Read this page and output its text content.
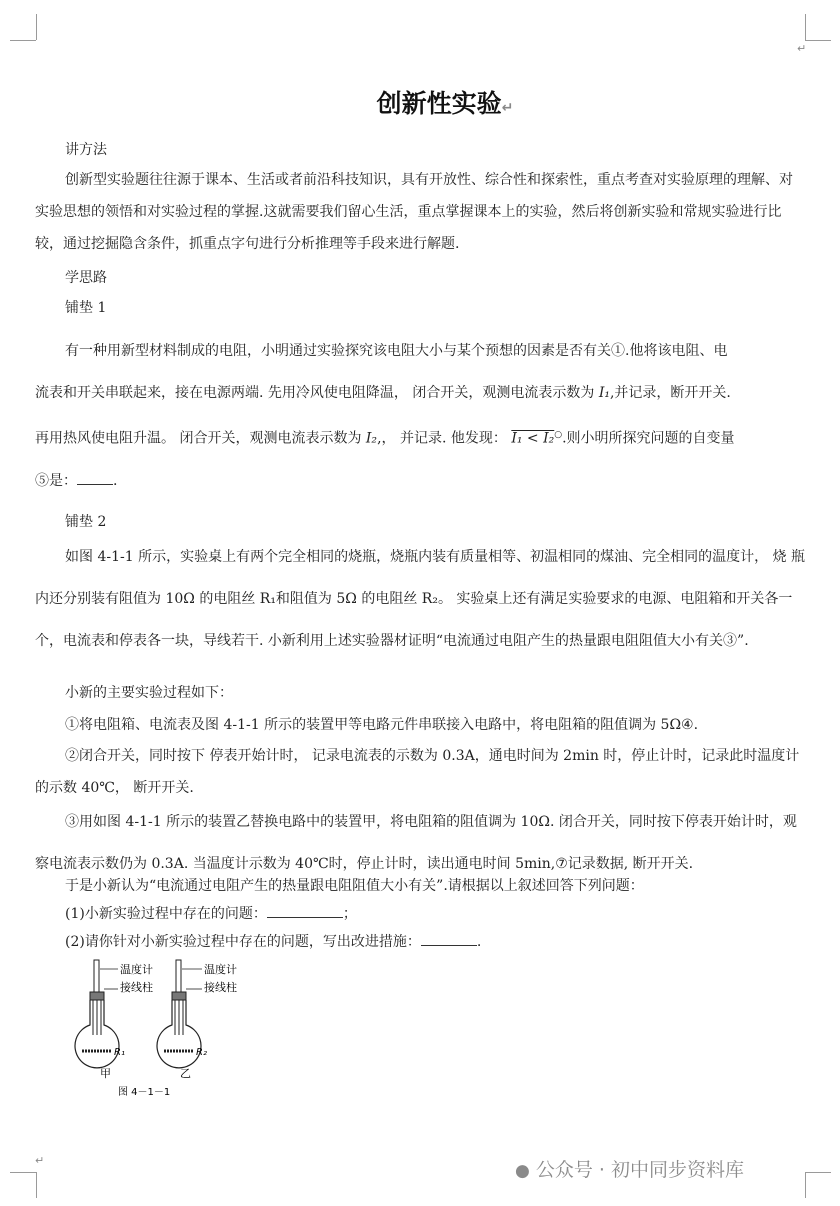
↵
↵
创新性实验↵

讲方法

创新型实验题往往源于课本、生活或者前沿科技知识，具有开放性、综合性和探索性，重点考查对实验原理的理解、对实验思想的领悟和对实验过程的掌握.这就需要我们留心生活，重点掌握课本上的实验，然后将创新实验和常规实验进行比较，通过挖掘隐含条件，抓重点字句进行分析推理等手段来进行解题.

学思路

铺垫 1

有一种用新型材料制成的电阻，小明通过实验探究该电阻大小与某个预想的因素是否有关①.他将该电阻、电
流表和开关串联起来，接在电源两端. 先用冷风使电阻降温， 闭合开关，观测电流表示数为 I₁,并记录，断开开关.
再用热风使电阻升温。 闭合开关，观测电流表示数为 I₂,， 并记录. 他发现： I₁ < I₂○.则小明所探究问题的自变量
⑤是：	.

铺垫 2

如图 4-1-1 所示，实验桌上有两个完全相同的烧瓶，烧瓶内装有质量相等、初温相同的煤油、完全相同的温度计， 烧 瓶内还分别装有阻值为 10Ω 的电阻丝 R₁和阻值为 5Ω 的电阻丝 R₂。 实验桌上还有满足实验要求的电源、电阻箱和开关各一个，电流表和停表各一块，导线若干. 小新利用上述实验器材证明“电流通过电阻产生的热量跟电阻阻值大小有关③”.

小新的主要实验过程如下：

①将电阻箱、电流表及图 4-1-1 所示的装置甲等电路元件串联接入电路中，将电阻箱的阻值调为 5Ω④.

②闭合开关，同时按下 停表开始计时， 记录电流表的示数为 0.3A，通电时间为 2min 时，停止计时，记录此时温度计的示数 40℃， 断开开关.

③用如图 4-1-1 所示的装置乙替换电路中的装置甲，将电阻箱的阻值调为 10Ω. 闭合开关，同时按下停表开始计时，观察电流表示数仍为 0.3A. 当温度计示数为 40℃时，停止计时，读出通电时间 5min,⑦记录数据, 断开开关.

于是小新认为“电流通过电阻产生的热量跟电阻阻值大小有关”.请根据以上叙述回答下列问题：

(1)小新实验过程中存在的问题：	；

(2)请你针对小新实验过程中存在的问题，写出改进措施：	.

甲	乙
温度计
接线柱
温度计
接线柱
R₁	R₂
图 4－1－1
● 公众号 · 初中同步资料库
